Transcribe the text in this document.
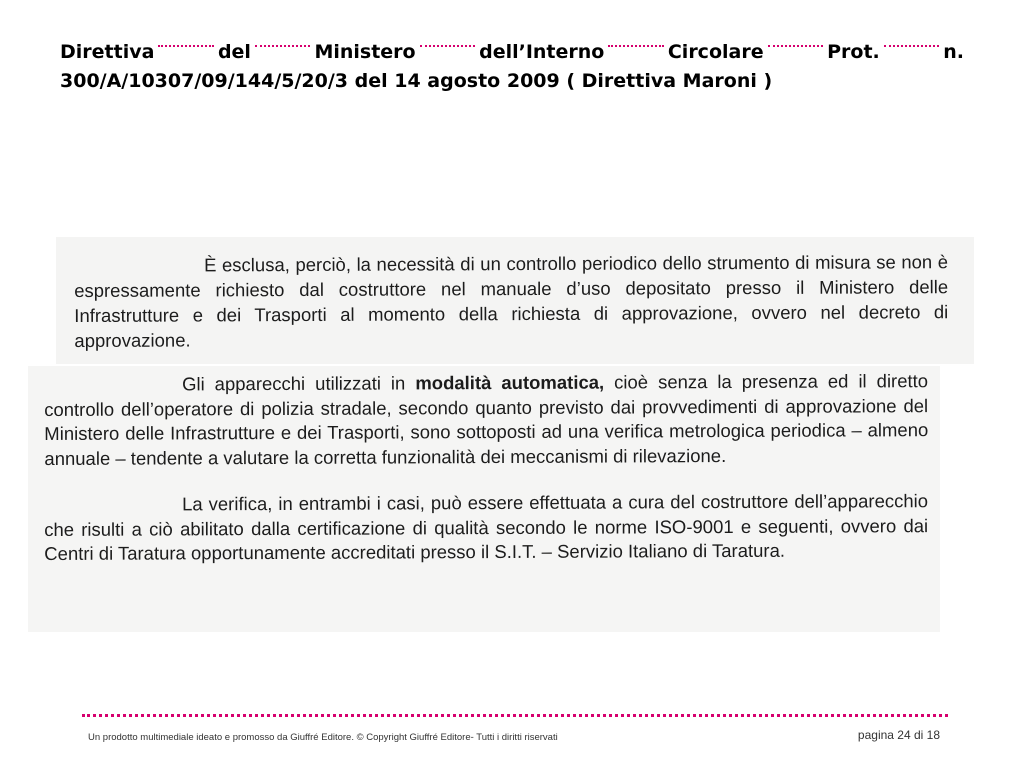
Direttiva	del	Ministero	dell’Interno	Circolare	Prot.	n.
300/A/10307/09/144/5/20/3 del 14 agosto 2009 ( Direttiva Maroni )

È esclusa, perciò, la necessità di un controllo periodico dello strumento di misura se non è espressamente richiesto dal costruttore nel manuale d’uso depositato presso il Ministero delle Infrastrutture e dei Trasporti al momento della richiesta di approvazione, ovvero nel decreto di approvazione.

Gli apparecchi utilizzati in modalità automatica, cioè senza la presenza ed il diretto controllo dell’operatore di polizia stradale, secondo quanto previsto dai provvedimenti di approvazione del Ministero delle Infrastrutture e dei Trasporti, sono sottoposti ad una verifica metrologica periodica – almeno annuale – tendente a valutare la corretta funzionalità dei meccanismi di rilevazione.

La verifica, in entrambi i casi, può essere effettuata a cura del costruttore dell’apparecchio che risulti a ciò abilitato dalla certificazione di qualità secondo le norme ISO-9001 e seguenti, ovvero dai Centri di Taratura opportunamente accreditati presso il S.I.T. – Servizio Italiano di Taratura.

Un prodotto multimediale ideato e promosso da Giuffré Editore. © Copyright Giuffré Editore- Tutti i diritti riservati	pagina 24 di 18
